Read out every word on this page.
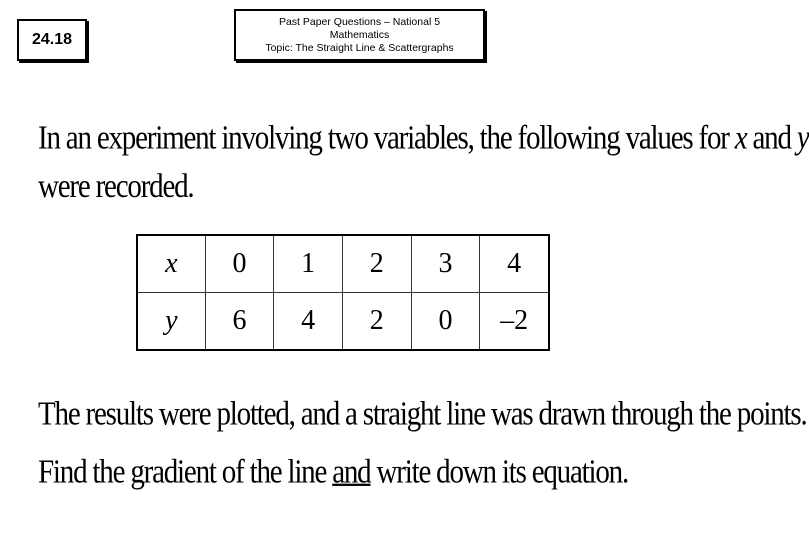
24.18
Past Paper Questions – National 5
Mathematics
Topic: The Straight Line & Scattergraphs
In an experiment involving two variables, the following values for x and y
were recorded.
x	0	1	2	3	4
y	6	4	2	0	–2
The results were plotted, and a straight line was drawn through the points.
Find the gradient of the line and write down its equation.
